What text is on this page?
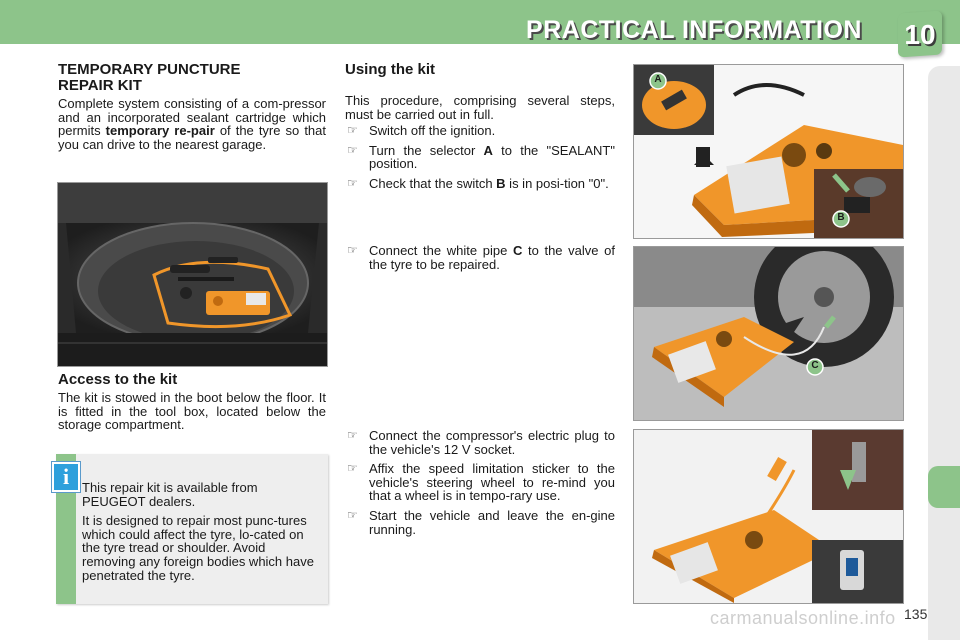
PRACTICAL INFORMATION 10
TEMPORARY PUNCTURE REPAIR KIT
Complete system consisting of a com-pressor and an incorporated sealant cartridge which permits temporary re-pair of the tyre so that you can drive to the nearest garage.
Access to the kit
The kit is stowed in the boot below the floor. It is fitted in the tool box, located below the storage compartment.
i This repair kit is available from PEUGEOT dealers.

It is designed to repair most punc-tures which could affect the tyre, lo-cated on the tyre tread or shoulder. Avoid removing any foreign bodies which have penetrated the tyre.

Using the kit
This procedure, comprising several steps, must be carried out in full.
☞ Switch off the ignition.
☞ Turn the selector A to the "SEALANT" position.
☞ Check that the switch B is in posi-tion "0".
☞ Connect the white pipe C to the valve of the tyre to be repaired.
☞ Connect the compressor's electric plug to the vehicle's 12 V socket.
☞ Affix the speed limitation sticker to the vehicle's steering wheel to re-mind you that a wheel is in tempo-rary use.
☞ Start the vehicle and leave the en-gine running.
A
B
C
carmanualsonline.info 135
